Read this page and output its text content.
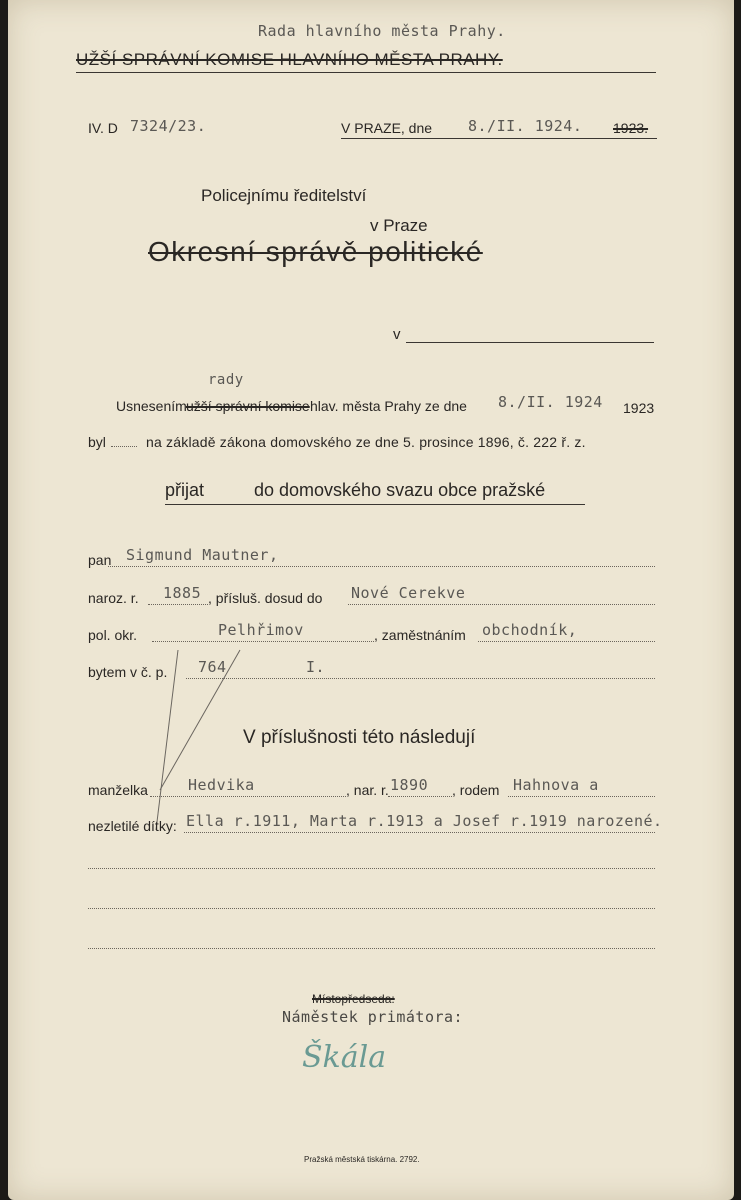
Rada hlavního města Prahy.
UŽŠÍ SPRÁVNÍ KOMISE HLAVNÍHO MĚSTA PRAHY.
IV. D 7324/23.	V PRAZE, dne 8./II. 1924. 1923.
Policejnímu ředitelství
v Praze
Okresní správě politické
v
rady
Usnesením užší správní komise hlav. města Prahy ze dne 8./II. 1924 1923
byl	na základě zákona domovského ze dne 5. prosince 1896, č. 222 ř. z.
přijat	do domovského svazu obce pražské
pan Sigmund Mautner,
naroz. r. 1885 , přísluš. dosud do Nové Cerekve
pol. okr.	Pelhřimov	, zaměstnáním obchodník,
bytem v č. p. 764	I.
V příslušnosti této následují
manželka	Hedvika	, nar. r. 1890 , rodem Hahnova a
nezletilé dítky: Ella r.1911, Marta r.1913 a Josef r.1919 narozené.
Místopředseda:
Náměstek primátora:
Škála
Pražská městská tiskárna. 2792.
